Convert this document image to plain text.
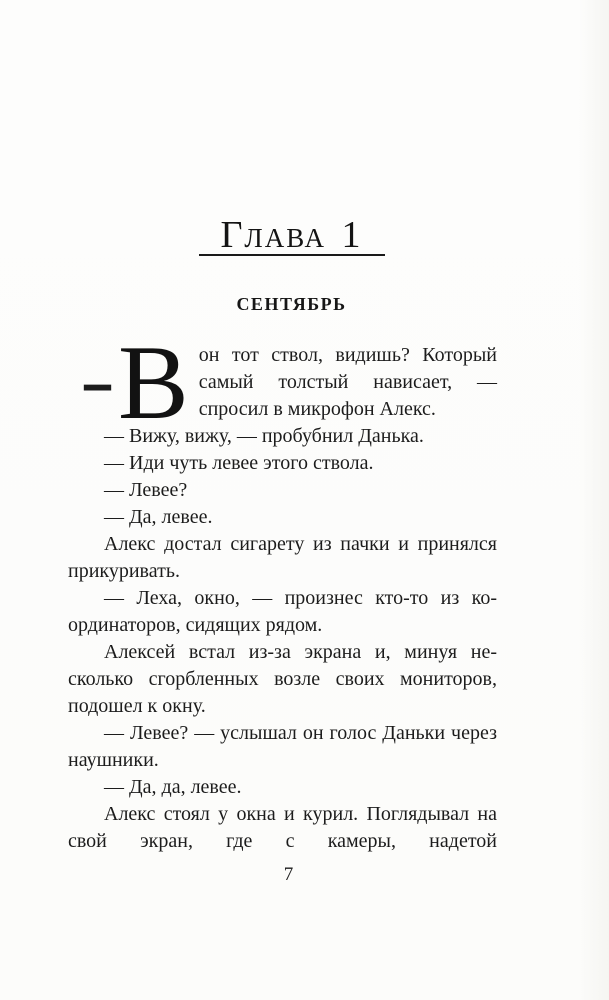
Глава 1
СЕНТЯБРЬ

— В он тот ствол, видишь? Который самый толстый нависает, — спросил в микрофон Алекс.

— Вижу, вижу, — пробубнил Данька.

— Иди чуть левее этого ствола.

— Левее?

— Да, левее.

Алекс достал сигарету из пачки и принялся прикуривать.

— Леха, окно, — произнес кто-то из координаторов, сидящих рядом.

Алексей встал из-за экрана и, минуя несколько сгорбленных возле своих мониторов, подошел к окну.

— Левее? — услышал он голос Даньки через наушники.

— Да, да, левее.

Алекс стоял у окна и курил. Поглядывал на свой экран, где с камеры, надетой

7
